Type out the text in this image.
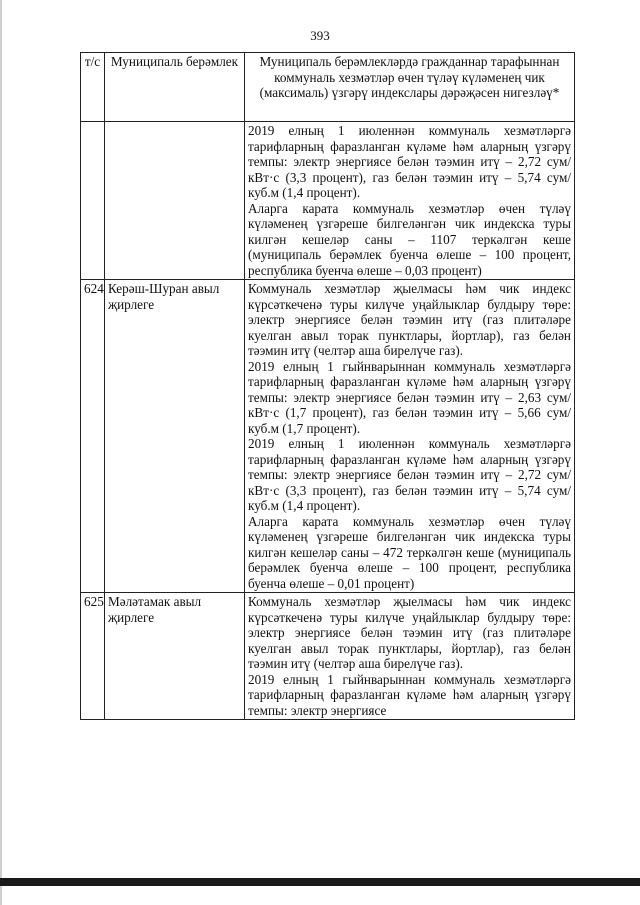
393
т/с	Муниципаль берәмлек	Муниципаль берәмлекләрдә гражданнар тарафыннан коммуналь хезмәтләр өчен түләү күләменең чик (максималь) үзгәрү индекслары дәрәҗәсен нигезләү*

		2019 елның 1 июленнән коммуналь хезмәтләргә тарифларның фаразланган күләме һәм аларның үзгәрү темпы: электр энергиясе белән тәэмин итү – 2,72 сум/кВт·с (3,3 процент), газ белән тәэмин итү – 5,74 сум/куб.м (1,4 процент).
Аларга карата коммуналь хезмәтләр өчен түләү күләменең үзгәреше билгеләнгән чик индекска туры килгән кешеләр саны – 1107 теркәлгән кеше (муниципаль берәмлек буенча өлеше – 100 процент, республика буенча өлеше – 0,03 процент)

624	Керәш-Шуран авыл җирлеге	Коммуналь хезмәтләр җыелмасы һәм чик индекс күрсәткеченә туры килүче уңайлыклар булдыру төре: электр энергиясе белән тәэмин итү (газ плитәләре куелган авыл торак пунктлары, йортлар), газ белән тәэмин итү (челтәр аша бирелүче газ).
2019 елның 1 гыйнварыннан коммуналь хезмәтләргә тарифларның фаразланган күләме һәм аларның үзгәрү темпы: электр энергиясе белән тәэмин итү – 2,63 сум/кВт·с (1,7 процент), газ белән тәэмин итү – 5,66 сум/куб.м (1,7 процент).
2019 елның 1 июленнән коммуналь хезмәтләргә тарифларның фаразланган күләме һәм аларның үзгәрү темпы: электр энергиясе белән тәэмин итү – 2,72 сум/кВт·с (3,3 процент), газ белән тәэмин итү – 5,74 сум/куб.м (1,4 процент).
Аларга карата коммуналь хезмәтләр өчен түләү күләменең үзгәреше билгеләнгән чик индекска туры килгән кешеләр саны – 472 теркәлгән кеше (муниципаль берәмлек буенча өлеше – 100 процент, республика буенча өлеше – 0,01 процент)

625	Мәләтамак авыл җирлеге	Коммуналь хезмәтләр җыелмасы һәм чик индекс күрсәткеченә туры килүче уңайлыклар булдыру төре: электр энергиясе белән тәэмин итү (газ плитәләре куелган авыл торак пунктлары, йортлар), газ белән тәэмин итү (челтәр аша бирелүче газ).
2019 елның 1 гыйнварыннан коммуналь хезмәтләргә тарифларның фаразланган күләме һәм аларның үзгәрү темпы: электр энергиясе
